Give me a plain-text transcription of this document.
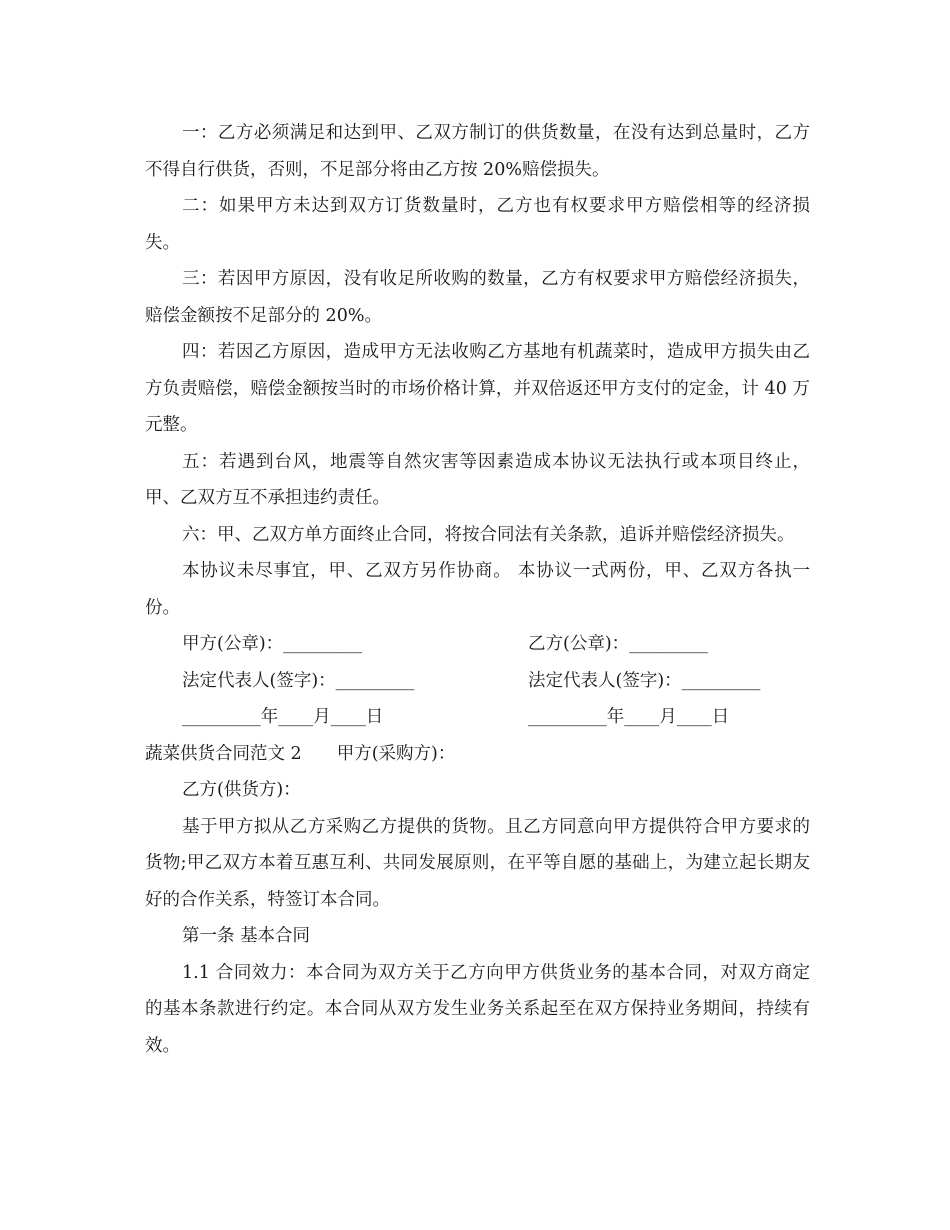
一：乙方必须满足和达到甲、乙双方制订的供货数量，在没有达到总量时，乙方不得自行供货，否则，不足部分将由乙方按 20%赔偿损失。

二：如果甲方未达到双方订货数量时，乙方也有权要求甲方赔偿相等的经济损失。

三：若因甲方原因，没有收足所收购的数量，乙方有权要求甲方赔偿经济损失，赔偿金额按不足部分的 20%。

四：若因乙方原因，造成甲方无法收购乙方基地有机蔬菜时，造成甲方损失由乙方负责赔偿，赔偿金额按当时的市场价格计算，并双倍返还甲方支付的定金，计 40 万元整。

五：若遇到台风，地震等自然灾害等因素造成本协议无法执行或本项目终止，甲、乙双方互不承担违约责任。

六：甲、乙双方单方面终止合同，将按合同法有关条款，追诉并赔偿经济损失。

本协议未尽事宜，甲、乙双方另作协商。 本协议一式两份，甲、乙双方各执一份。

甲方(公章)：_________	乙方(公章)：_________
法定代表人(签字)：_________	法定代表人(签字)：_________
_________年____月____日	_________年____月____日

蔬菜供货合同范文 2　　甲方(采购方)：

乙方(供货方)：

基于甲方拟从乙方采购乙方提供的货物。且乙方同意向甲方提供符合甲方要求的货物;甲乙双方本着互惠互利、共同发展原则，在平等自愿的基础上，为建立起长期友好的合作关系，特签订本合同。

第一条 基本合同

1.1 合同效力：本合同为双方关于乙方向甲方供货业务的基本合同，对双方商定的基本条款进行约定。本合同从双方发生业务关系起至在双方保持业务期间，持续有效。
